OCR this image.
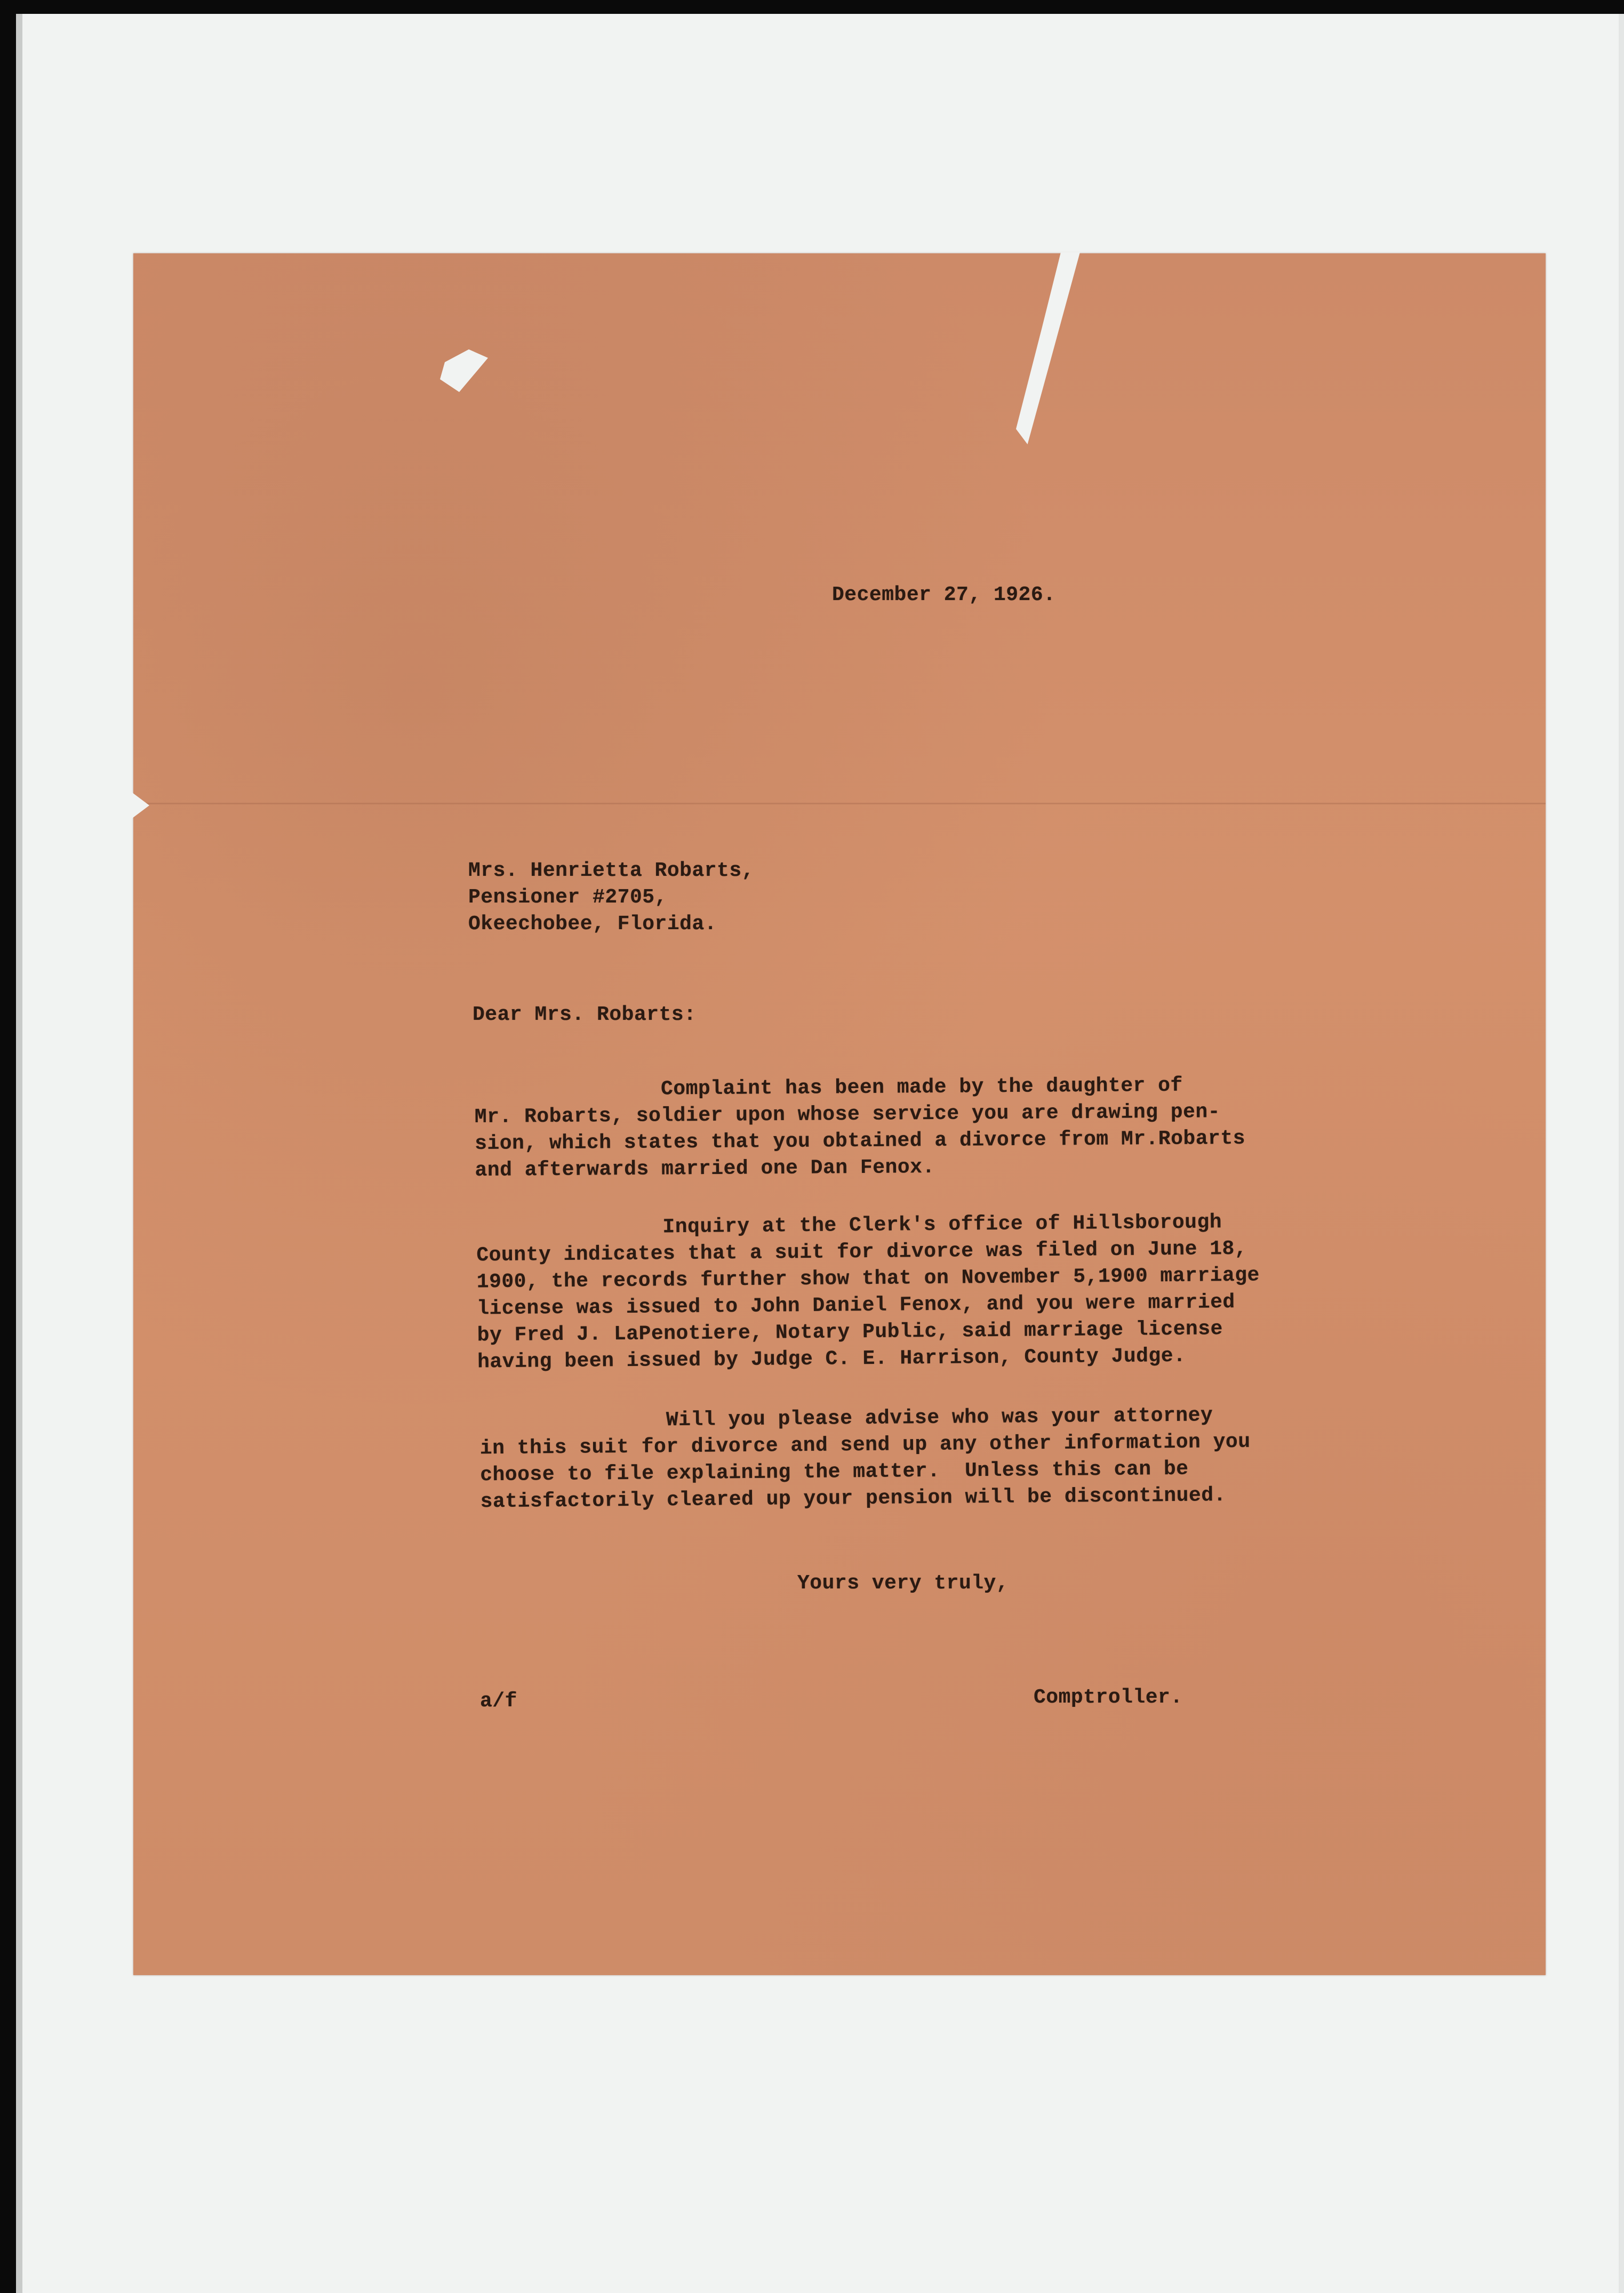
December 27, 1926.
Mrs. Henrietta Robarts,
Pensioner #2705,
Okeechobee, Florida.
Dear Mrs. Robarts:
Complaint has been made by the daughter of
Mr. Robarts, soldier upon whose service you are drawing pen-
sion, which states that you obtained a divorce from Mr.Robarts
and afterwards married one Dan Fenox.
Inquiry at the Clerk's office of Hillsborough
County indicates that a suit for divorce was filed on June 18,
1900, the records further show that on November 5,1900 marriage
license was issued to John Daniel Fenox, and you were married
by Fred J. LaPenotiere, Notary Public, said marriage license
having been issued by Judge C. E. Harrison, County Judge.
Will you please advise who was your attorney
in this suit for divorce and send up any other information you
choose to file explaining the matter.  Unless this can be
satisfactorily cleared up your pension will be discontinued.
Yours very truly,
a/f	Comptroller.
